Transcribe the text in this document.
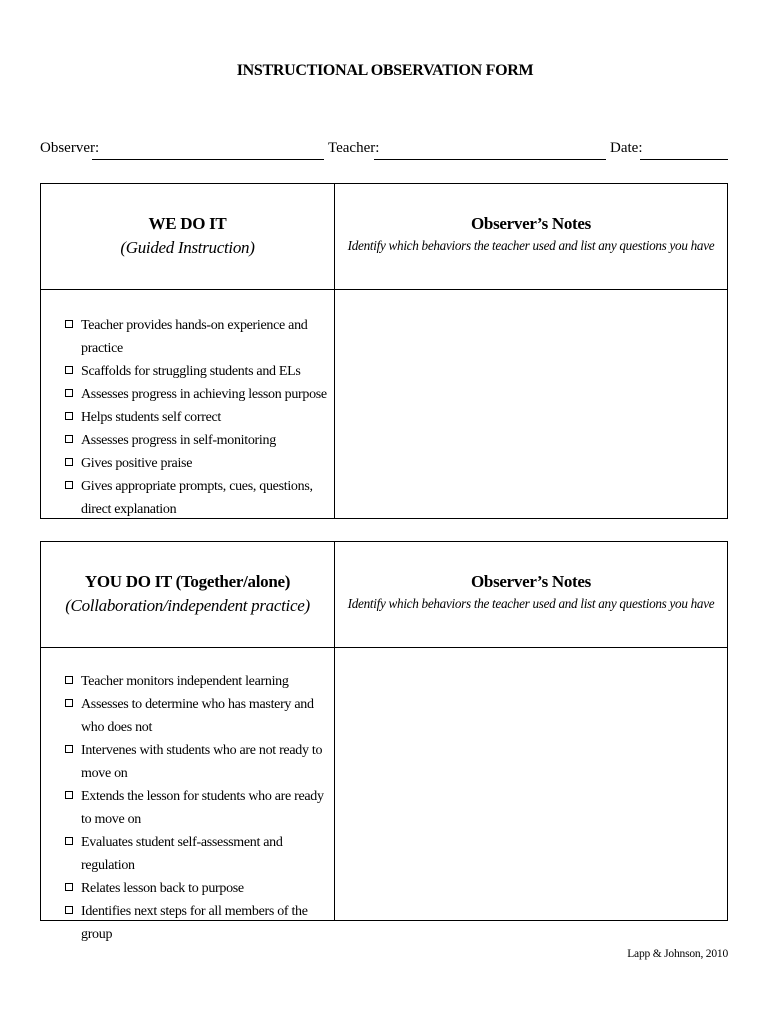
INSTRUCTIONAL OBSERVATION FORM
Observer:	Teacher:	Date:
WE DO IT
(Guided Instruction)
Observer’s Notes
Identify which behaviors the teacher used and list any questions you have
Teacher provides hands-on experience and practice
Scaffolds for struggling students and ELs
Assesses progress in achieving lesson purpose
Helps students self correct
Assesses progress in self-monitoring
Gives positive praise
Gives appropriate prompts, cues, questions, direct explanation
YOU DO IT (Together/alone)
(Collaboration/independent practice)
Observer’s Notes
Identify which behaviors the teacher used and list any questions you have
Teacher monitors independent learning
Assesses to determine who has mastery and who does not
Intervenes with students who are not ready to move on
Extends the lesson for students who are ready to move on
Evaluates student self-assessment and regulation
Relates lesson back to purpose
Identifies next steps for all members of the group
Lapp & Johnson, 2010
